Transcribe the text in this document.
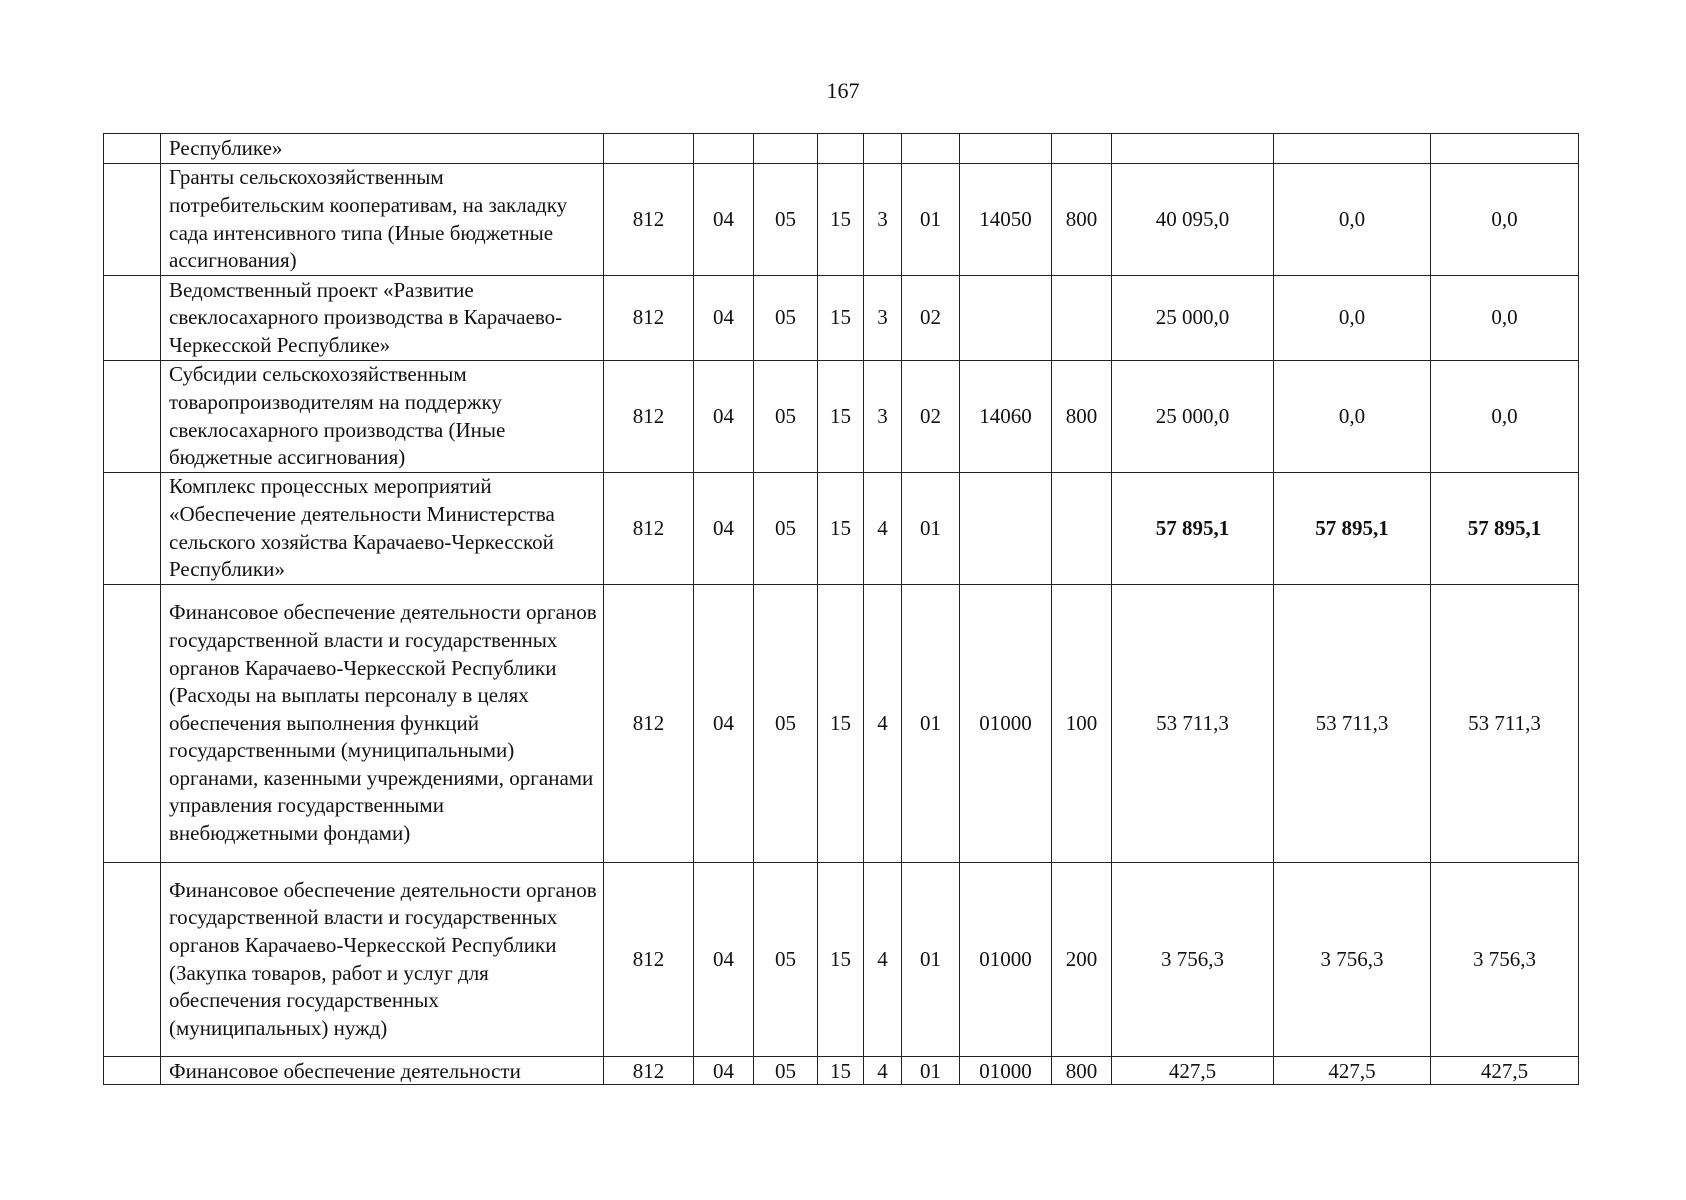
167
	Республике»											
	Гранты сельскохозяйственным потребительским кооперативам, на закладку сада интенсивного типа (Иные бюджетные ассигнования)	812	04	05	15	3	01	14050	800	40 095,0	0,0	0,0
	Ведомственный проект «Развитие свеклосахарного производства в Карачаево-Черкесской Республике»	812	04	05	15	3	02			25 000,0	0,0	0,0
	Субсидии сельскохозяйственным товаропроизводителям на поддержку свеклосахарного производства (Иные бюджетные ассигнования)	812	04	05	15	3	02	14060	800	25 000,0	0,0	0,0
	Комплекс процессных мероприятий «Обеспечение деятельности Министерства сельского хозяйства Карачаево-Черкесской Республики»	812	04	05	15	4	01			57 895,1	57 895,1	57 895,1
	Финансовое обеспечение деятельности органов государственной власти и государственных органов Карачаево-Черкесской Республики (Расходы на выплаты персоналу в целях обеспечения выполнения функций государственными (муниципальными) органами, казенными учреждениями, органами управления государственными внебюджетными фондами)	812	04	05	15	4	01	01000	100	53 711,3	53 711,3	53 711,3
	Финансовое обеспечение деятельности органов государственной власти и государственных органов Карачаево-Черкесской Республики (Закупка товаров, работ и услуг для обеспечения государственных (муниципальных) нужд)	812	04	05	15	4	01	01000	200	3 756,3	3 756,3	3 756,3
	Финансовое обеспечение деятельности	812	04	05	15	4	01	01000	800	427,5	427,5	427,5
